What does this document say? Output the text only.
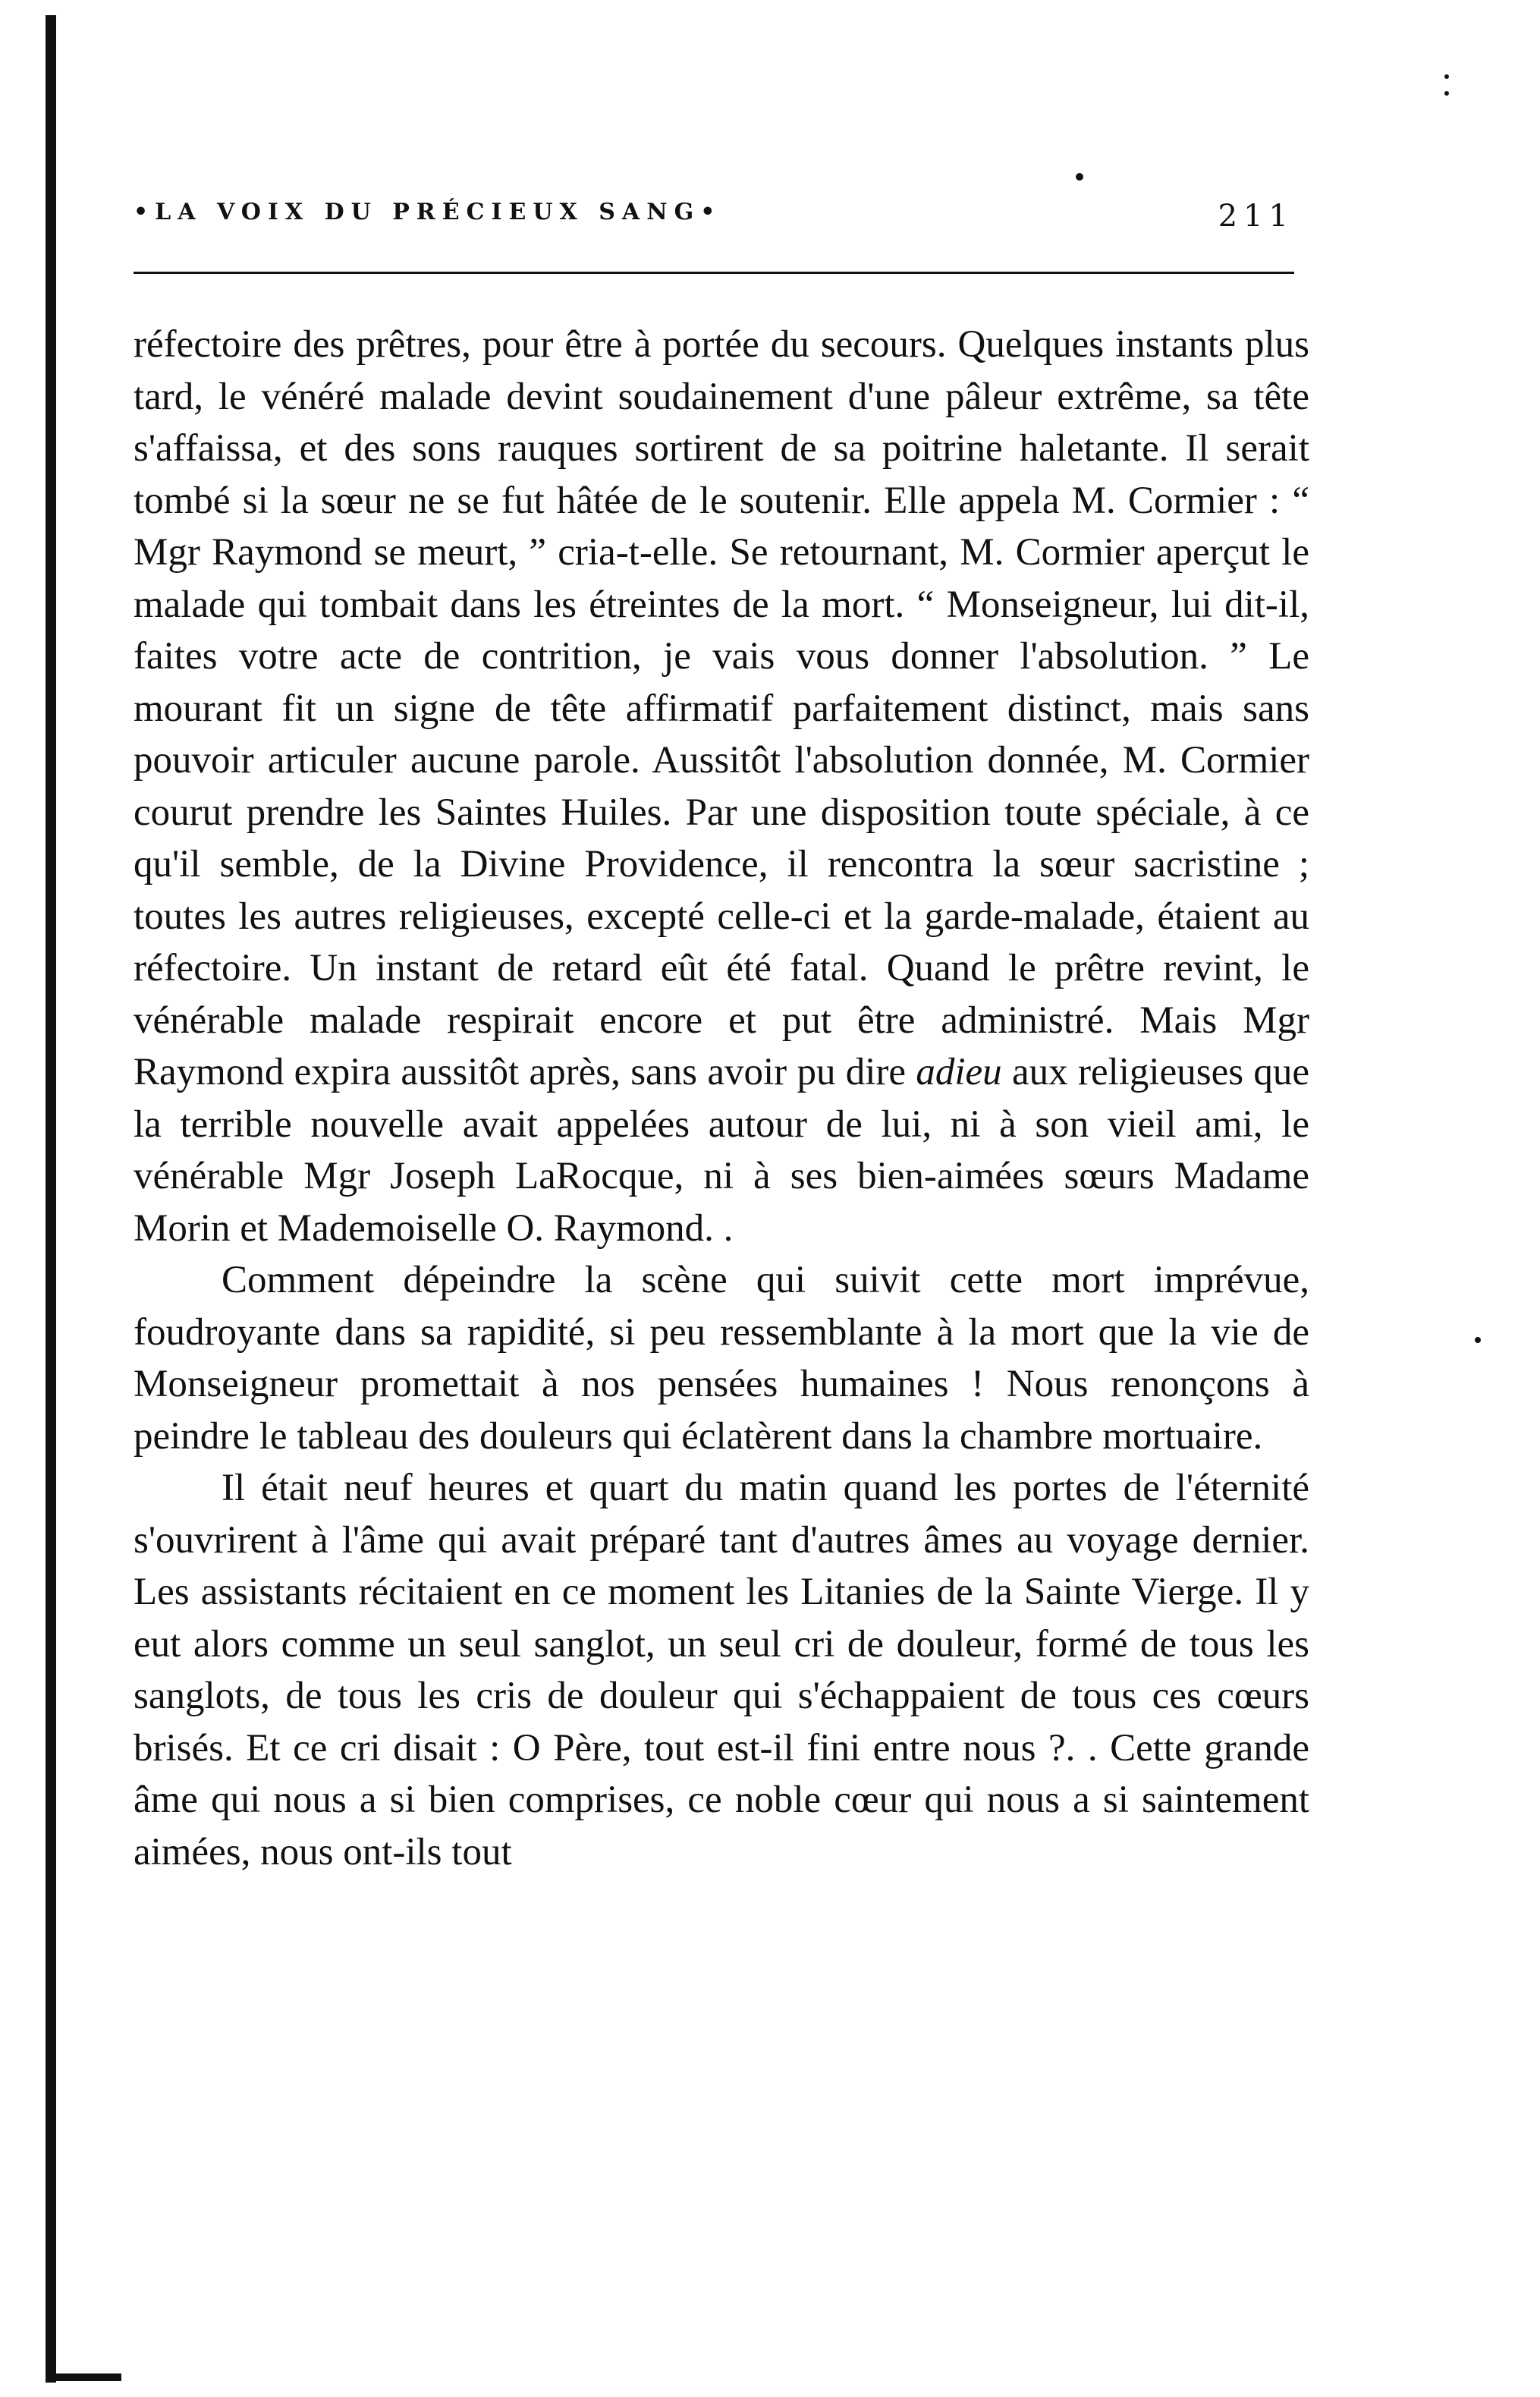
•LA VOIX DU PRÉCIEUX SANG•	211

réfectoire des prêtres, pour être à portée du secours. Quelques instants plus tard, le vénéré malade devint soudainement d'une pâleur extrême, sa tête s'affaissa, et des sons rauques sortirent de sa poitrine haletante. Il serait tombé si la sœur ne se fut hâtée de le soutenir. Elle appela M. Cormier : “ Mgr Raymond se meurt, ” cria-t-elle. Se retournant, M. Cormier aperçut le malade qui tombait dans les étreintes de la mort. “ Monseigneur, lui dit-il, faites votre acte de contrition, je vais vous donner l'absolution. ” Le mourant fit un signe de tête affirmatif parfaitement distinct, mais sans pouvoir articuler aucune parole. Aussitôt l'absolution donnée, M. Cormier courut prendre les Saintes Huiles. Par une disposition toute spéciale, à ce qu'il semble, de la Divine Providence, il rencontra la sœur sacristine ; toutes les autres religieuses, excepté celle-ci et la garde-malade, étaient au réfectoire. Un instant de retard eût été fatal. Quand le prêtre revint, le vénérable malade respirait encore et put être administré. Mais Mgr Raymond expira aussitôt après, sans avoir pu dire adieu aux religieuses que la terrible nouvelle avait appelées autour de lui, ni à son vieil ami, le vénérable Mgr Joseph LaRocque, ni à ses bien-aimées sœurs Madame Morin et Mademoiselle O. Raymond. .

Comment dépeindre la scène qui suivit cette mort imprévue, foudroyante dans sa rapidité, si peu ressemblante à la mort que la vie de Monseigneur promettait à nos pensées humaines ! Nous renonçons à peindre le tableau des douleurs qui éclatèrent dans la chambre mortuaire.

Il était neuf heures et quart du matin quand les portes de l'éternité s'ouvrirent à l'âme qui avait préparé tant d'autres âmes au voyage dernier. Les assistants récitaient en ce moment les Litanies de la Sainte Vierge. Il y eut alors comme un seul sanglot, un seul cri de douleur, formé de tous les sanglots, de tous les cris de douleur qui s'échappaient de tous ces cœurs brisés. Et ce cri disait : O Père, tout est-il fini entre nous ?. . Cette grande âme qui nous a si bien comprises, ce noble cœur qui nous a si saintement aimées, nous ont-ils tout
